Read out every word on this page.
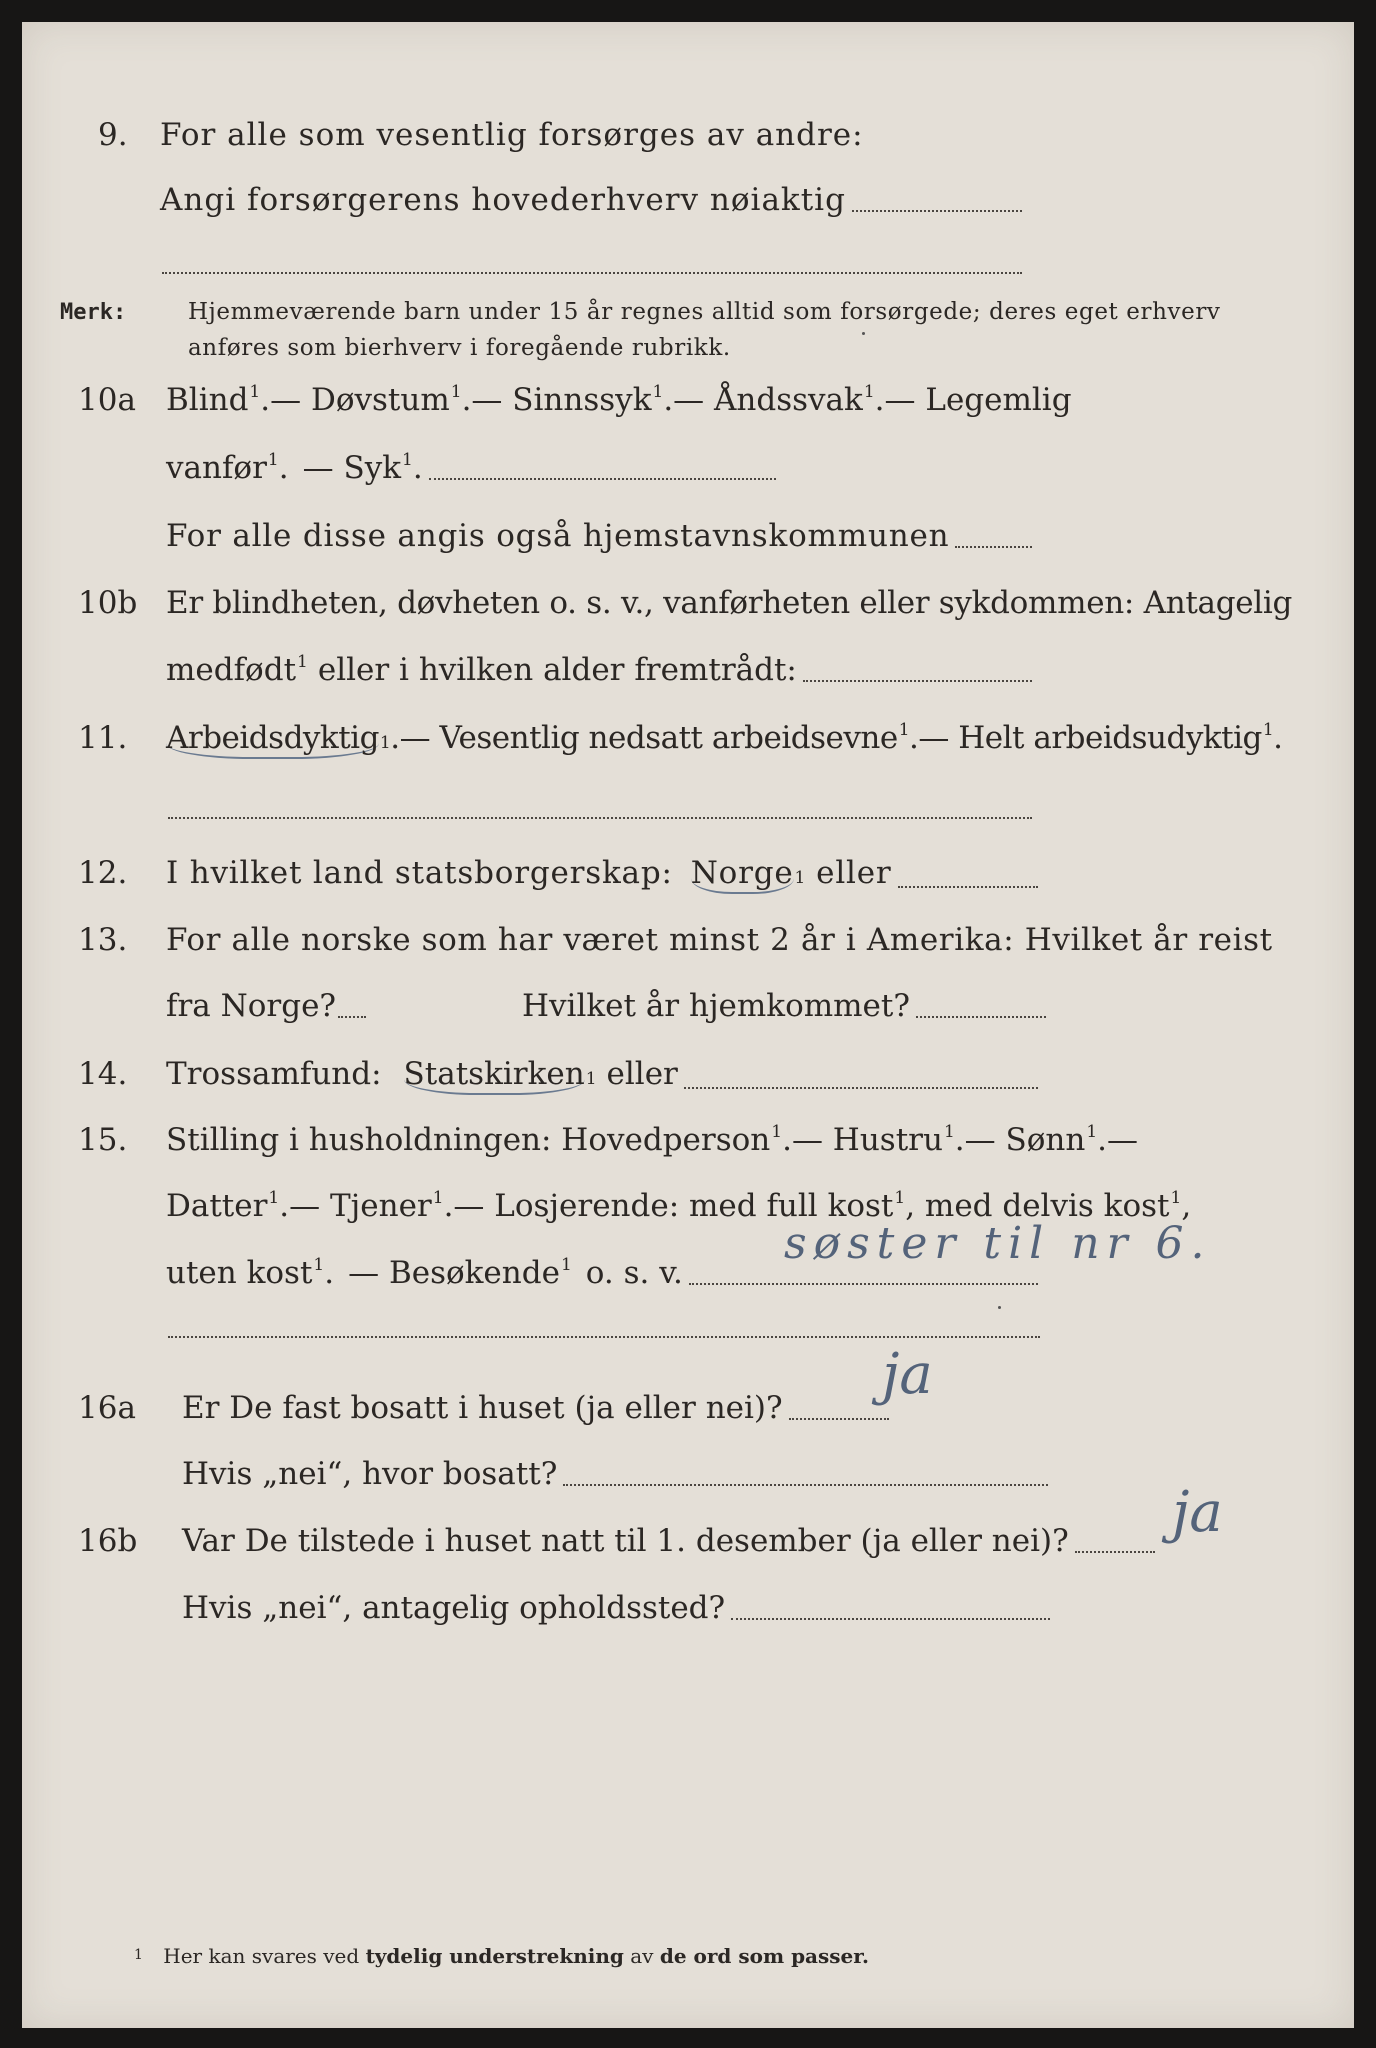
9. For alle som vesentlig forsørges av andre:
Angi forsørgerens hovederhverv nøiaktig
Merk:	Hjemmeværende barn under 15 år regnes alltid som forsørgede; deres eget erhverv
anføres som bierhverv i foregående rubrikk.
10a Blind$^1$. — Døvstum$^1$. — Sinnssyk$^1$. — Åndssvak$^1$. — Legemlig
vanfør$^1$. — Syk$^1$.
For alle disse angis også hjemstavnskommunen
10b Er blindheten, døvheten o. s. v., vanførheten eller sykdommen: Antagelig
medfødt$^1$ eller i hvilken alder fremtrådt:
11. Arbeidsdyktig 1 . — Vesentlig nedsatt arbeidsevne$^1$. — Helt arbeidsudyktig$^1$.
12. I hvilket land statsborgerskap: Norge 1 eller
13. For alle norske som har været minst 2 år i Amerika: Hvilket år reist
fra Norge?	Hvilket år hjemkommet?
14. Trossamfund: Statskirken 1 eller
15. Stilling i husholdningen: Hovedperson$^1$. — Hustru$^1$. — Sønn$^1$. —
Datter$^1$. — Tjener$^1$. — Losjerende: med full kost$^1$, med delvis kost$^1$,
uten kost$^1$. — Besøkende$^1$ o. s. v.
søster til nr 6.
16a Er De fast bosatt i huset (ja eller nei)?
ja
Hvis „nei“, hvor bosatt?
16b Var De tilstede i huset natt til 1. desember (ja eller nei)? ja
Hvis „nei“, antagelig opholdssted?
$^1$ Her kan svares ved tydelig understrekning av de ord som passer.
